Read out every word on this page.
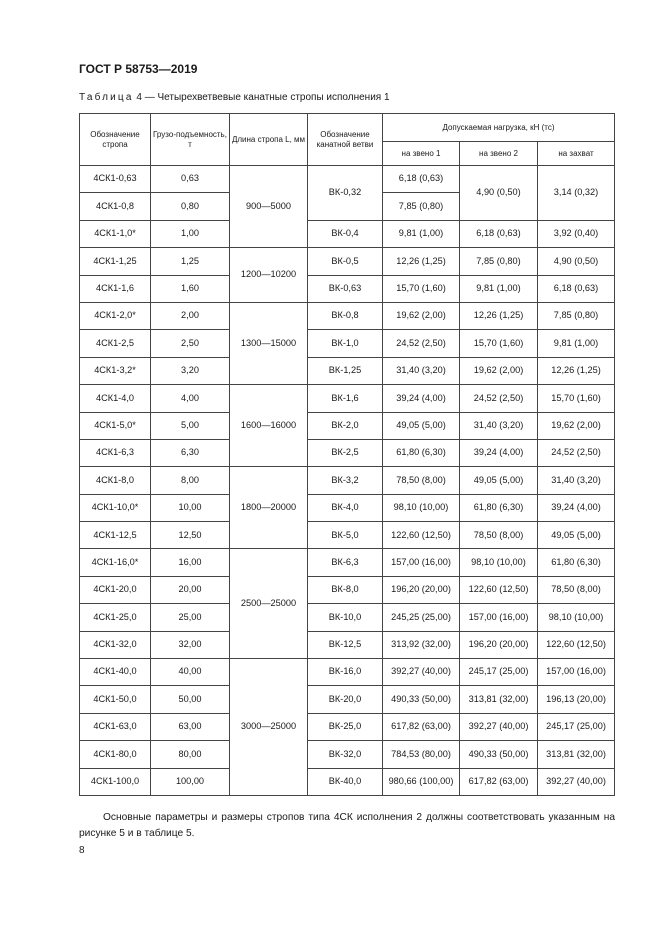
ГОСТ Р 58753—2019
Таблица 4 — Четырехветвевые канатные стропы исполнения 1
Обозначение стропа	Грузо-подъемность, т	Длина стропа L, мм	Обозначение канатной ветви	Допускаемая нагрузка, кН (тс)		
				на звено 1	на звено 2	на захват
4СК1-0,63	0,63	900—5000	ВК-0,32	6,18 (0,63)	4,90 (0,50)	3,14 (0,32)
4СК1-0,8	0,80			7,85 (0,80)		
4СК1-1,0*	1,00		ВК-0,4	9,81 (1,00)	6,18 (0,63)	3,92 (0,40)
4СК1-1,25	1,25	1200—10200	ВК-0,5	12,26 (1,25)	7,85 (0,80)	4,90 (0,50)
4СК1-1,6	1,60		ВК-0,63	15,70 (1,60)	9,81 (1,00)	6,18 (0,63)
4СК1-2,0*	2,00	1300—15000	ВК-0,8	19,62 (2,00)	12,26 (1,25)	7,85 (0,80)
4СК1-2,5	2,50		ВК-1,0	24,52 (2,50)	15,70 (1,60)	9,81 (1,00)
4СК1-3,2*	3,20		ВК-1,25	31,40 (3,20)	19,62 (2,00)	12,26 (1,25)
4СК1-4,0	4,00	1600—16000	ВК-1,6	39,24 (4,00)	24,52 (2,50)	15,70 (1,60)
4СК1-5,0*	5,00		ВК-2,0	49,05 (5,00)	31,40 (3,20)	19,62 (2,00)
4СК1-6,3	6,30		ВК-2,5	61,80 (6,30)	39,24 (4,00)	24,52 (2,50)
4СК1-8,0	8,00	1800—20000	ВК-3,2	78,50 (8,00)	49,05 (5,00)	31,40 (3,20)
4СК1-10,0*	10,00		ВК-4,0	98,10 (10,00)	61,80 (6,30)	39,24 (4,00)
4СК1-12,5	12,50		ВК-5,0	122,60 (12,50)	78,50 (8,00)	49,05 (5,00)
4СК1-16,0*	16,00	2500—25000	ВК-6,3	157,00 (16,00)	98,10 (10,00)	61,80 (6,30)
4СК1-20,0	20,00		ВК-8,0	196,20 (20,00)	122,60 (12,50)	78,50 (8,00)
4СК1-25,0	25,00		ВК-10,0	245,25 (25,00)	157,00 (16,00)	98,10 (10,00)
4СК1-32,0	32,00		ВК-12,5	313,92 (32,00)	196,20 (20,00)	122,60 (12,50)
4СК1-40,0	40,00	3000—25000	ВК-16,0	392,27 (40,00)	245,17 (25,00)	157,00 (16,00)
4СК1-50,0	50,00		ВК-20,0	490,33 (50,00)	313,81 (32,00)	196,13 (20,00)
4СК1-63,0	63,00		ВК-25,0	617,82 (63,00)	392,27 (40,00)	245,17 (25,00)
4СК1-80,0	80,00		ВК-32,0	784,53 (80,00)	490,33 (50,00)	313,81 (32,00)
4СК1-100,0	100,00		ВК-40,0	980,66 (100,00)	617,82 (63,00)	392,27 (40,00)
Основные параметры и размеры стропов типа 4СК исполнения 2 должны соответствовать указанным на рисунке 5 и в таблице 5.
8
